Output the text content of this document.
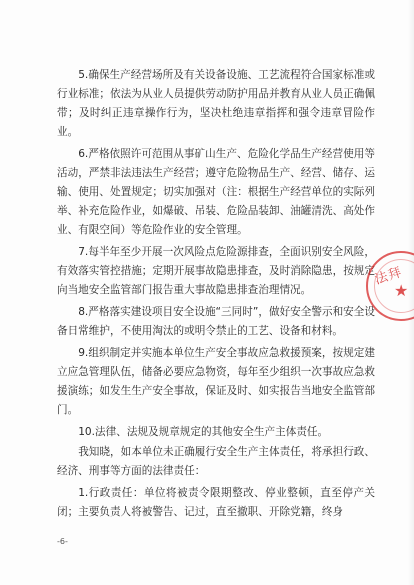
5.确保生产经营场所及有关设备设施、工艺流程符合国家标准或行业标准；依法为从业人员提供劳动防护用品并教育从业人员正确佩带；及时纠正违章操作行为，坚决杜绝违章指挥和强令违章冒险作业。

6.严格依照许可范围从事矿山生产、危险化学品生产经营使用等活动，严禁非法违法生产经营；遵守危险物品生产、经营、储存、运输、使用、处置规定；切实加强对（注：根据生产经营单位的实际列举、补充危险作业，如爆破、吊装、危险品装卸、油罐清洗、高处作业、有限空间）等危险作业的安全管理。

7.每半年至少开展一次风险点危险源排查，全面识别安全风险，有效落实管控措施；定期开展事故隐患排查，及时消除隐患，按规定向当地安全监管部门报告重大事故隐患排查治理情况。

8.严格落实建设项目安全设施“三同时”，做好安全警示和安全设备日常维护，不使用淘汰的或明令禁止的工艺、设备和材料。

9.组织制定并实施本单位生产安全事故应急救援预案，按规定建立应急管理队伍，储备必要应急物资，每年至少组织一次事故应急救援演练；如发生生产安全事故，保证及时、如实报告当地安全监管部门。

10.法律、法规及规章规定的其他安全生产主体责任。

我知晓，如本单位未正确履行安全生产主体责任，将承担行政、经济、刑事等方面的法律责任：

1.行政责任：单位将被责令限期整改、停业整顿，直至停产关闭；主要负责人将被警告、记过，直至撤职、开除党籍，终身

法拜
★
-6-
